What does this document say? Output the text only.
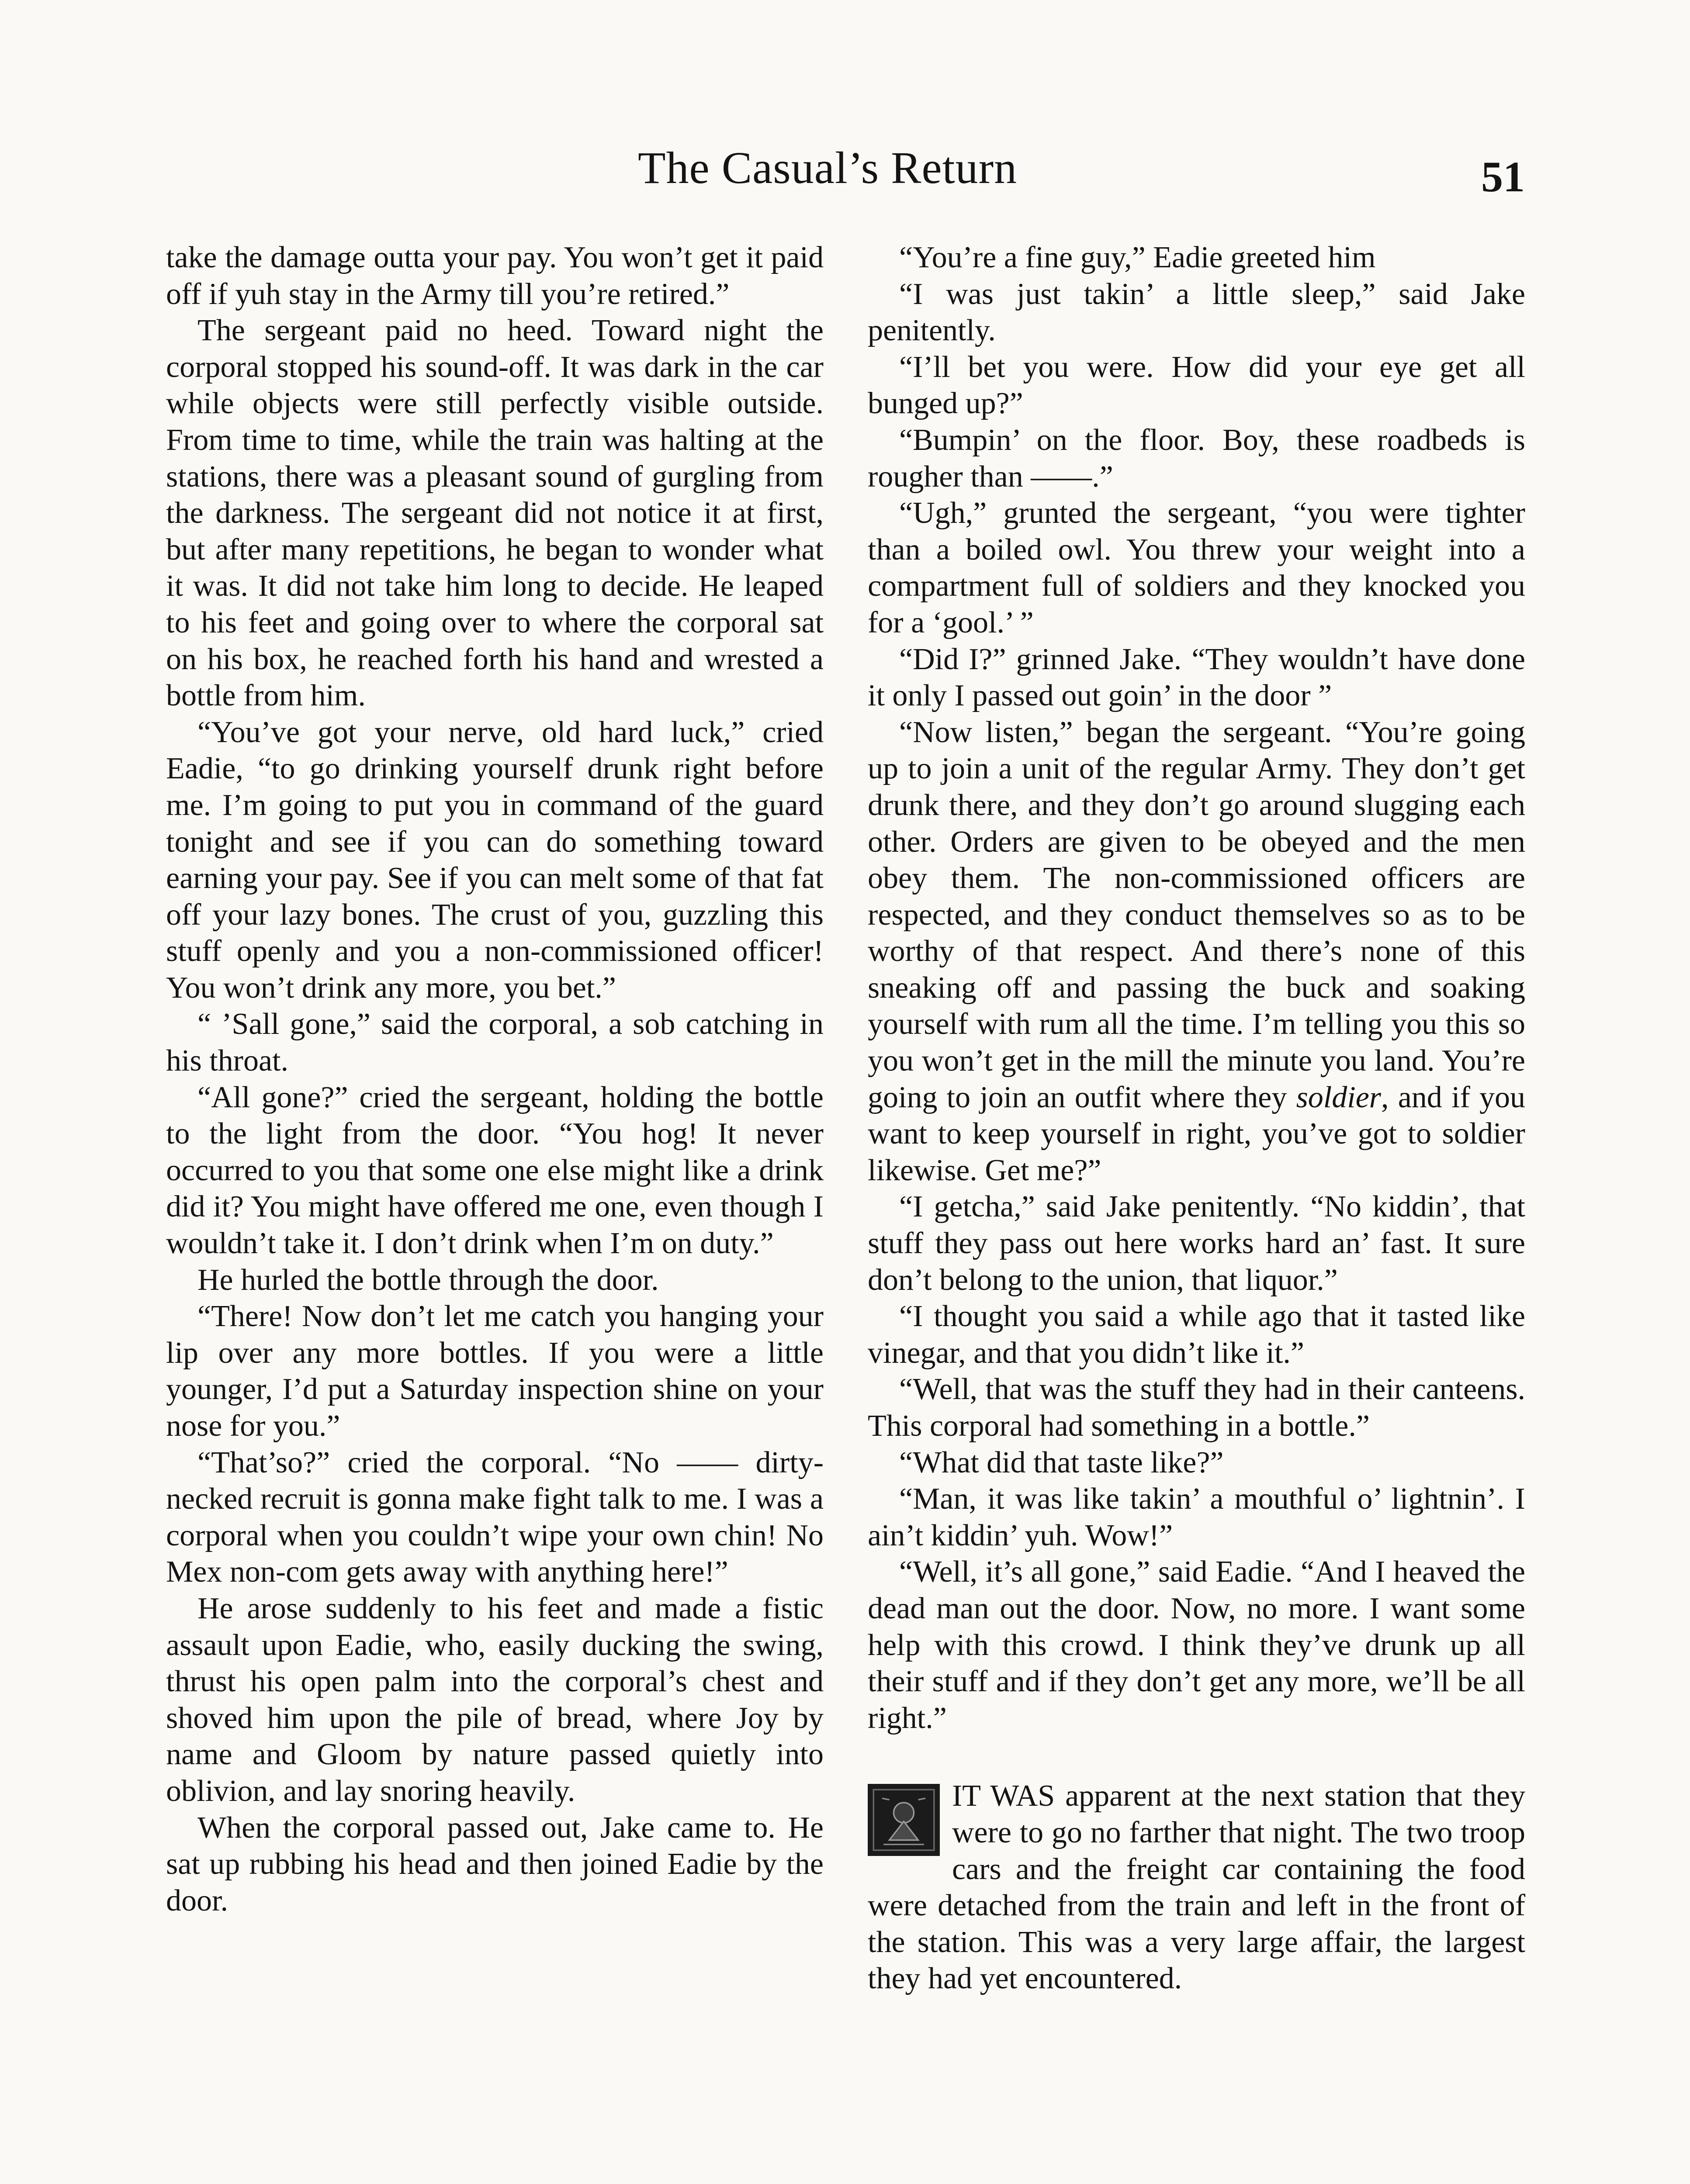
The Casual’s Return	51

take the damage outta your pay. You won’t get it paid off if yuh stay in the Army till you’re retired.”

The sergeant paid no heed. Toward night the corporal stopped his sound-off. It was dark in the car while objects were still perfectly visible outside. From time to time, while the train was halting at the stations, there was a pleasant sound of gurgling from the darkness. The sergeant did not notice it at first, but after many repetitions, he began to wonder what it was. It did not take him long to decide. He leaped to his feet and going over to where the corporal sat on his box, he reached forth his hand and wrested a bottle from him.

“You’ve got your nerve, old hard luck,” cried Eadie, “to go drinking yourself drunk right before me. I’m going to put you in command of the guard tonight and see if you can do something toward earning your pay. See if you can melt some of that fat off your lazy bones. The crust of you, guzzling this stuff openly and you a non-commissioned officer! You won’t drink any more, you bet.”

“ ’Sall gone,” said the corporal, a sob catching in his throat.

“All gone?” cried the sergeant, holding the bottle to the light from the door. “You hog! It never occurred to you that some one else might like a drink did it? You might have offered me one, even though I wouldn’t take it. I don’t drink when I’m on duty.”

He hurled the bottle through the door.

“There! Now don’t let me catch you hanging your lip over any more bottles. If you were a little younger, I’d put a Saturday inspection shine on your nose for you.”

“That’so?” cried the corporal. “No —— dirty-necked recruit is gonna make fight talk to me. I was a corporal when you couldn’t wipe your own chin! No Mex non-com gets away with anything here!”

He arose suddenly to his feet and made a fistic assault upon Eadie, who, easily ducking the swing, thrust his open palm into the corporal’s chest and shoved him upon the pile of bread, where Joy by name and Gloom by nature passed quietly into oblivion, and lay snoring heavily.

When the corporal passed out, Jake came to. He sat up rubbing his head and then joined Eadie by the door.

“You’re a fine guy,” Eadie greeted him

“I was just takin’ a little sleep,” said Jake penitently.

“I’ll bet you were. How did your eye get all bunged up?”

“Bumpin’ on the floor. Boy, these roadbeds is rougher than ——.”

“Ugh,” grunted the sergeant, “you were tighter than a boiled owl. You threw your weight into a compartment full of soldiers and they knocked you for a ‘gool.’ ”

“Did I?” grinned Jake. “They wouldn’t have done it only I passed out goin’ in the door ”

“Now listen,” began the sergeant. “You’re going up to join a unit of the regular Army. They don’t get drunk there, and they don’t go around slugging each other. Orders are given to be obeyed and the men obey them. The non-commissioned officers are respected, and they conduct themselves so as to be worthy of that respect. And there’s none of this sneaking off and passing the buck and soaking yourself with rum all the time. I’m telling you this so you won’t get in the mill the minute you land. You’re going to join an outfit where they soldier, and if you want to keep yourself in right, you’ve got to soldier likewise. Get me?”

“I getcha,” said Jake penitently. “No kiddin’, that stuff they pass out here works hard an’ fast. It sure don’t belong to the union, that liquor.”

“I thought you said a while ago that it tasted like vinegar, and that you didn’t like it.”

“Well, that was the stuff they had in their canteens. This corporal had something in a bottle.”

“What did that taste like?”

“Man, it was like takin’ a mouthful o’ lightnin’. I ain’t kiddin’ yuh. Wow!”

“Well, it’s all gone,” said Eadie. “And I heaved the dead man out the door. Now, no more. I want some help with this crowd. I think they’ve drunk up all their stuff and if they don’t get any more, we’ll be all right.”

IT WAS apparent at the next station that they were to go no farther that night. The two troop cars and the freight car containing the food were detached from the train and left in the front of the station. This was a very large affair, the largest they had yet encountered.
